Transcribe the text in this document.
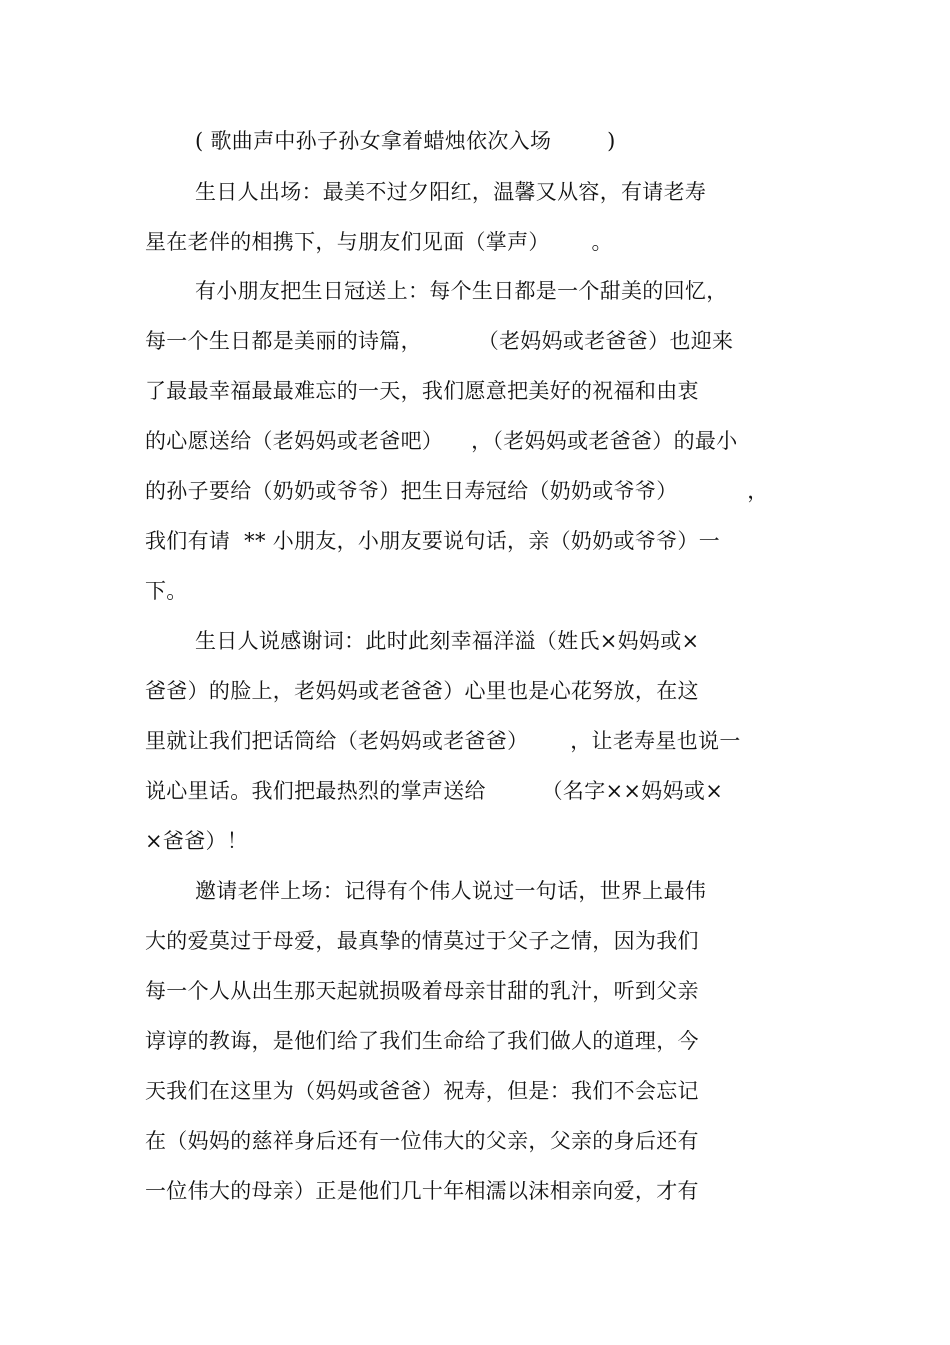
( 歌曲声中孙子孙女拿着蜡烛依次入场        )
生日人出场：最美不过夕阳红，温馨又从容，有请老寿
星在老伴的相携下，与朋友们见面（掌声）      。
有小朋友把生日冠送上：每个生日都是一个甜美的回忆，
每一个生日都是美丽的诗篇，        （老妈妈或老爸爸）也迎来
了最最幸福最最难忘的一天，我们愿意把美好的祝福和由衷
的心愿送给（老妈妈或老爸吧）    ，（老妈妈或老爸爸）的最小
的孙子要给（奶奶或爷爷）把生日寿冠给（奶奶或爷爷）          ，
我们有请  ** 小朋友，小朋友要说句话，亲（奶奶或爷爷）一
下。
生日人说感谢词：此时此刻幸福洋溢（姓氏×妈妈或×
爸爸）的脸上，老妈妈或老爸爸）心里也是心花努放，在这
里就让我们把话筒给（老妈妈或老爸爸）      ，让老寿星也说一
说心里话。我们把最热烈的掌声送给        （名字××妈妈或×
×爸爸）！
邀请老伴上场：记得有个伟人说过一句话，世界上最伟
大的爱莫过于母爱，最真挚的情莫过于父子之情，因为我们
每一个人从出生那天起就损吸着母亲甘甜的乳汁，听到父亲
谆谆的教诲，是他们给了我们生命给了我们做人的道理，今
天我们在这里为（妈妈或爸爸）祝寿，但是：我们不会忘记
在（妈妈的慈祥身后还有一位伟大的父亲，父亲的身后还有
一位伟大的母亲）正是他们几十年相濡以沫相亲向爱，才有
